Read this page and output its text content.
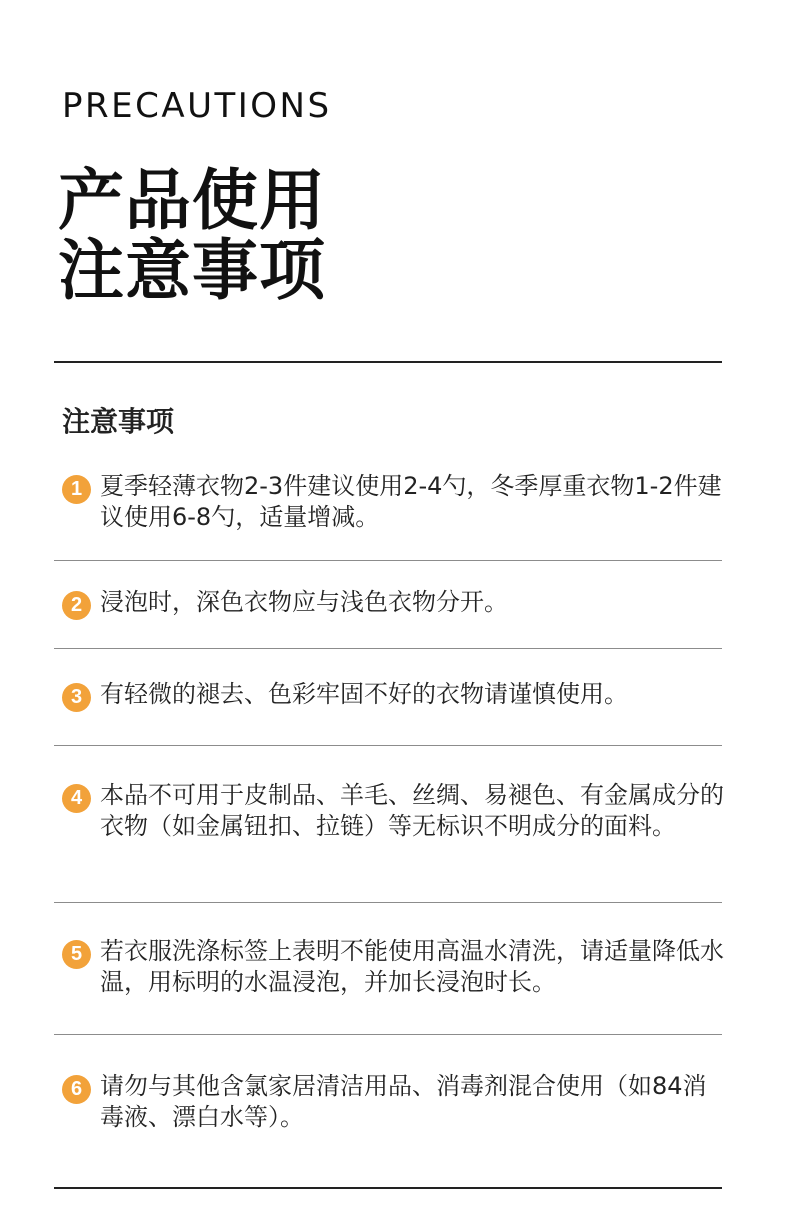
PRECAUTIONS
产品使用
注意事项
注意事项
1 夏季轻薄衣物2-3件建议使用2-4勺，冬季厚重衣物1-2件建议使用6-8勺，适量增减。
2 浸泡时，深色衣物应与浅色衣物分开。
3 有轻微的褪去、色彩牢固不好的衣物请谨慎使用。
4 本品不可用于皮制品、羊毛、丝绸、易褪色、有金属成分的衣物（如金属钮扣、拉链）等无标识不明成分的面料。
5 若衣服洗涤标签上表明不能使用高温水清洗，请适量降低水温，用标明的水温浸泡，并加长浸泡时长。
6 请勿与其他含氯家居清洁用品、消毒剂混合使用（如84消毒液、漂白水等）。
